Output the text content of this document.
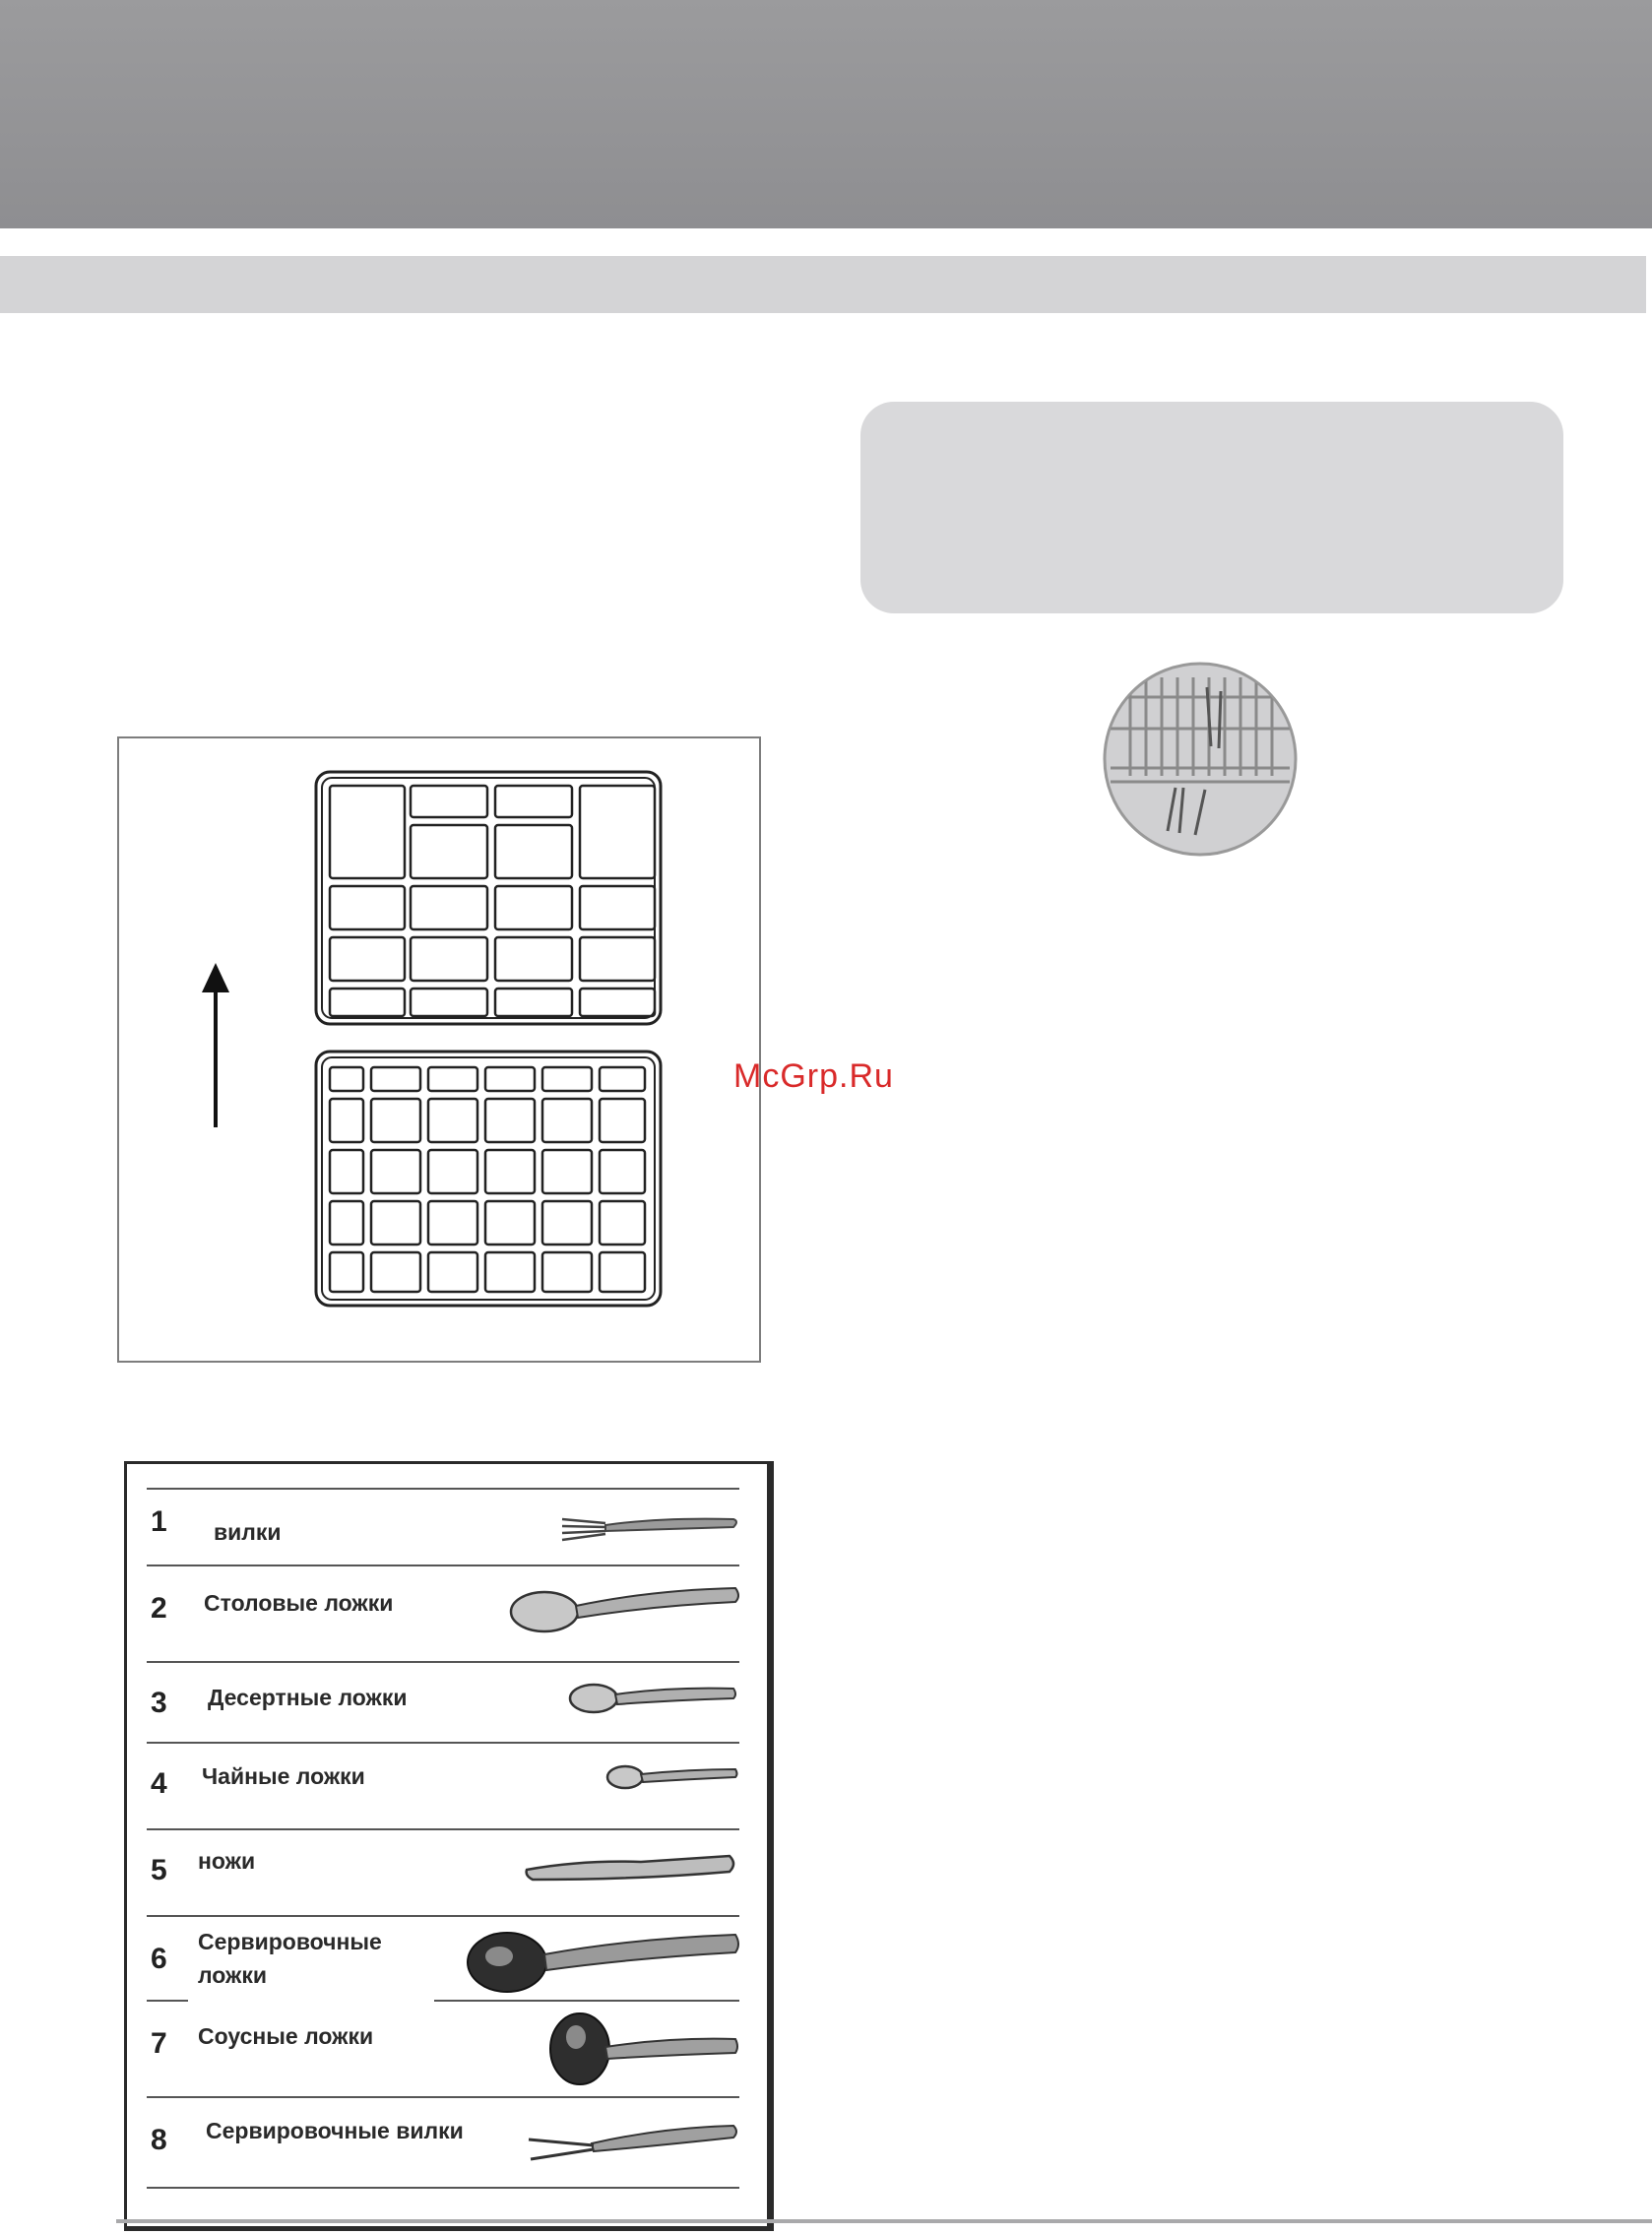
McGrp.Ru
1 вилки
2 Столовые ложки
3 Десертные ложки
4 Чайные ложки
5 ножи
6
Сервировочные ложки
7 Соусные ложки
8 Сервировочные вилки
